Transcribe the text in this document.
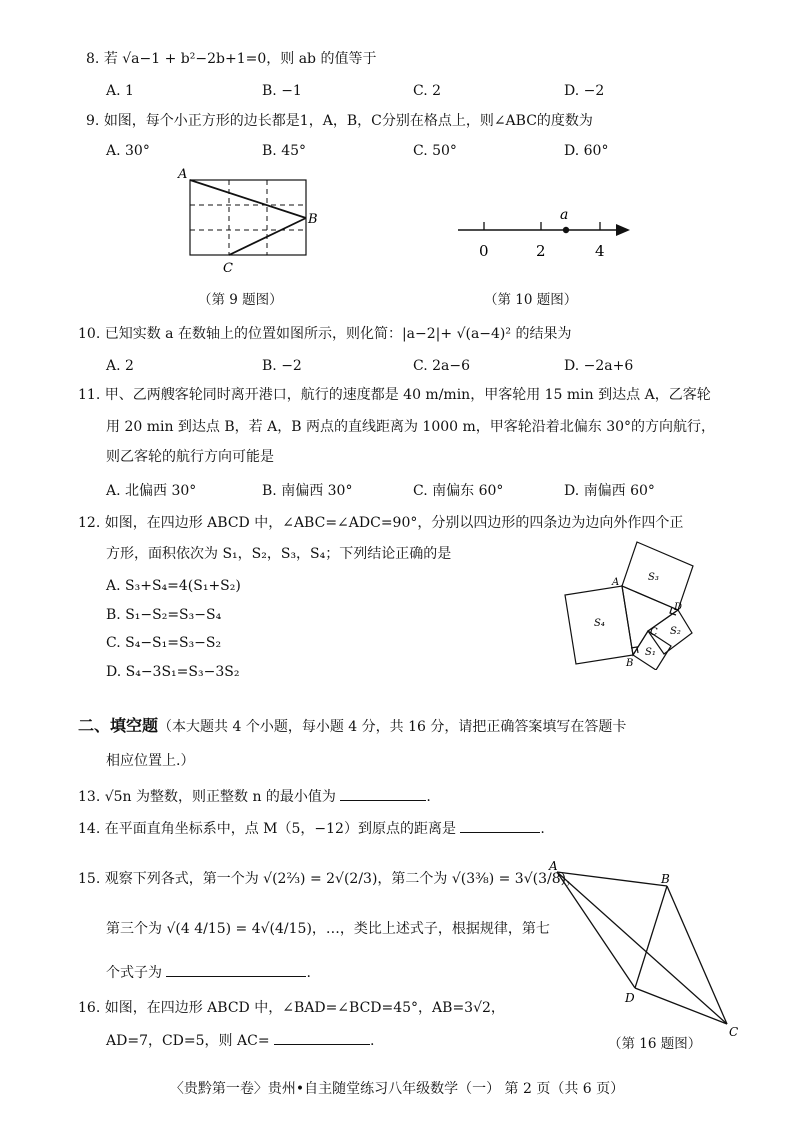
8. 若 √a−1 + b²−2b+1=0，则 ab 的值等于
A. 1	B. −1	C. 2	D. −2
9. 如图，每个小正方形的边长都是1，A，B，C分别在格点上，则∠ABC的度数为
A. 30°	B. 45°	C. 50°	D. 60°
A
B
C
（第 9 题图）
a
0	2	4
（第 10 题图）
10. 已知实数 a 在数轴上的位置如图所示，则化简：|a−2|+ √(a−4)² 的结果为
A. 2	B. −2	C. 2a−6	D. −2a+6
11. 甲、乙两艘客轮同时离开港口，航行的速度都是 40 m/min，甲客轮用 15 min 到达点 A，乙客轮
用 20 min 到达点 B，若 A，B 两点的直线距离为 1000 m，甲客轮沿着北偏东 30°的方向航行，
则乙客轮的航行方向可能是
A. 北偏西 30°	B. 南偏西 30°	C. 南偏东 60°	D. 南偏西 60°
12. 如图，在四边形 ABCD 中，∠ABC=∠ADC=90°，分别以四边形的四条边为边向外作四个正
方形，面积依次为 S₁，S₂，S₃，S₄；下列结论正确的是
A. S₃+S₄=4(S₁+S₂)
B. S₁−S₂=S₃−S₄
C. S₄−S₁=S₃−S₂
D. S₄−3S₁=S₃−3S₂
A
B
C
D
S₃
S₄
S₁
S₂
二、填空题（本大题共 4 个小题，每小题 4 分，共 16 分，请把正确答案填写在答题卡
相应位置上.）
13. √5n 为整数，则正整数 n 的最小值为	.
14. 在平面直角坐标系中，点 M（5，−12）到原点的距离是	.
15. 观察下列各式，第一个为 √(2⅔) = 2√(2/3)，第二个为 √(3⅜) = 3√(3/8)，
第三个为 √(4 4/15) = 4√(4/15)，…，类比上述式子，根据规律，第七
个式子为	.
16. 如图，在四边形 ABCD 中，∠BAD=∠BCD=45°，AB=3√2，
AD=7，CD=5，则 AC=	.
A
B
C
D
（第 16 题图）
〈贵黔第一卷〉贵州•自主随堂练习八年级数学（一） 第 2 页（共 6 页）
